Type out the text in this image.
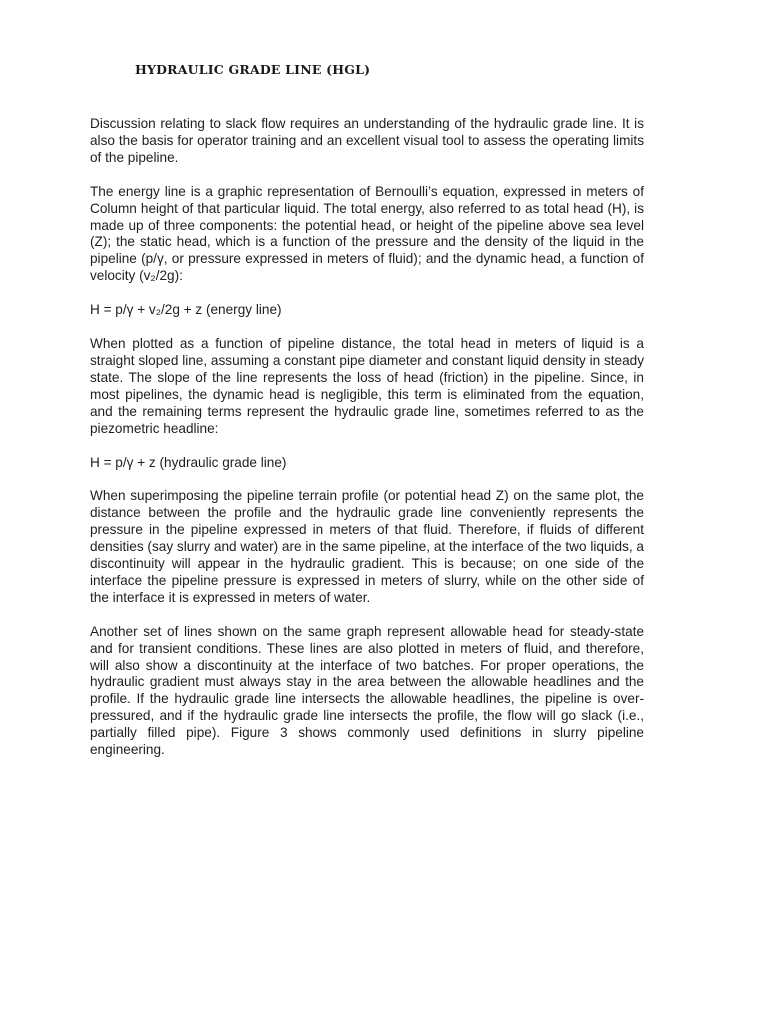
HYDRAULIC GRADE LINE (HGL)

Discussion relating to slack flow requires an understanding of the hydraulic grade line. It is also the basis for operator training and an excellent visual tool to assess the operating limits of the pipeline.

The energy line is a graphic representation of Bernoulli’s equation, expressed in meters of Column height of that particular liquid. The total energy, also referred to as total head (H), is made up of three components: the potential head, or height of the pipeline above sea level (Z); the static head, which is a function of the pressure and the density of the liquid in the pipeline (p/γ, or pressure expressed in meters of fluid); and the dynamic head, a function of velocity (v₂/2g):

H = p/γ + v₂/2g + z (energy line)

When plotted as a function of pipeline distance, the total head in meters of liquid is a straight sloped line, assuming a constant pipe diameter and constant liquid density in steady state. The slope of the line represents the loss of head (friction) in the pipeline. Since, in most pipelines, the dynamic head is negligible, this term is eliminated from the equation, and the remaining terms represent the hydraulic grade line, sometimes referred to as the piezometric headline:

H = p/γ + z (hydraulic grade line)

When superimposing the pipeline terrain profile (or potential head Z) on the same plot, the distance between the profile and the hydraulic grade line conveniently represents the pressure in the pipeline expressed in meters of that fluid. Therefore, if fluids of different densities (say slurry and water) are in the same pipeline, at the interface of the two liquids, a discontinuity will appear in the hydraulic gradient. This is because; on one side of the interface the pipeline pressure is expressed in meters of slurry, while on the other side of the interface it is expressed in meters of water.

Another set of lines shown on the same graph represent allowable head for steady-state and for transient conditions. These lines are also plotted in meters of fluid, and therefore, will also show a discontinuity at the interface of two batches. For proper operations, the hydraulic gradient must always stay in the area between the allowable headlines and the profile. If the hydraulic grade line intersects the allowable headlines, the pipeline is over-pressured, and if the hydraulic grade line intersects the profile, the flow will go slack (i.e., partially filled pipe). Figure 3 shows commonly used definitions in slurry pipeline engineering.
